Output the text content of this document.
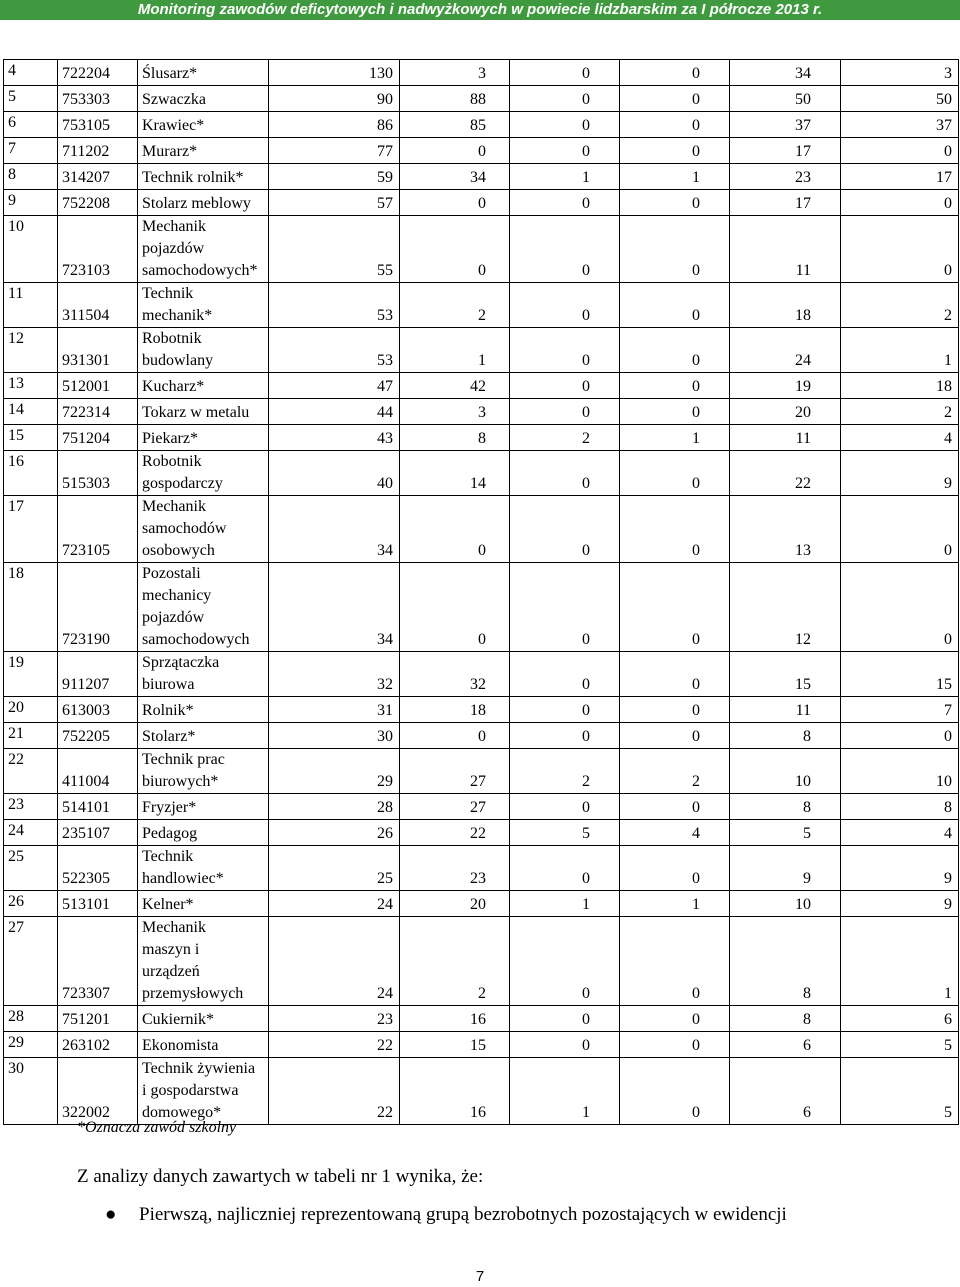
Monitoring zawodów deficytowych i nadwyżkowych w powiecie lidzbarskim za I półrocze 2013 r.
4	722204	Ślusarz*	130	3	0	0	34	3
5	753303	Szwaczka	90	88	0	0	50	50
6	753105	Krawiec*	86	85	0	0	37	37
7	711202	Murarz*	77	0	0	0	17	0
8	314207	Technik rolnik*	59	34	1	1	23	17
9	752208	Stolarz meblowy	57	0	0	0	17	0
10	723103	Mechanik
pojazdów
samochodowych*	55	0	0	0	11	0
11	311504	Technik
mechanik*	53	2	0	0	18	2
12	931301	Robotnik
budowlany	53	1	0	0	24	1
13	512001	Kucharz*	47	42	0	0	19	18
14	722314	Tokarz w metalu	44	3	0	0	20	2
15	751204	Piekarz*	43	8	2	1	11	4
16	515303	Robotnik
gospodarczy	40	14	0	0	22	9
17	723105	Mechanik
samochodów
osobowych	34	0	0	0	13	0
18	723190	Pozostali
mechanicy
pojazdów
samochodowych	34	0	0	0	12	0
19	911207	Sprzątaczka
biurowa	32	32	0	0	15	15
20	613003	Rolnik*	31	18	0	0	11	7
21	752205	Stolarz*	30	0	0	0	8	0
22	411004	Technik prac
biurowych*	29	27	2	2	10	10
23	514101	Fryzjer*	28	27	0	0	8	8
24	235107	Pedagog	26	22	5	4	5	4
25	522305	Technik
handlowiec*	25	23	0	0	9	9
26	513101	Kelner*	24	20	1	1	10	9
27	723307	Mechanik
maszyn i
urządzeń
przemysłowych	24	2	0	0	8	1
28	751201	Cukiernik*	23	16	0	0	8	6
29	263102	Ekonomista	22	15	0	0	6	5
30	322002	Technik żywienia
i gospodarstwa
domowego*	22	16	1	0	6	5
*Oznacza zawód szkolny
Z analizy danych zawartych w tabeli nr 1 wynika, że:
● Pierwszą, najliczniej reprezentowaną grupą bezrobotnych pozostających w ewidencji
7
